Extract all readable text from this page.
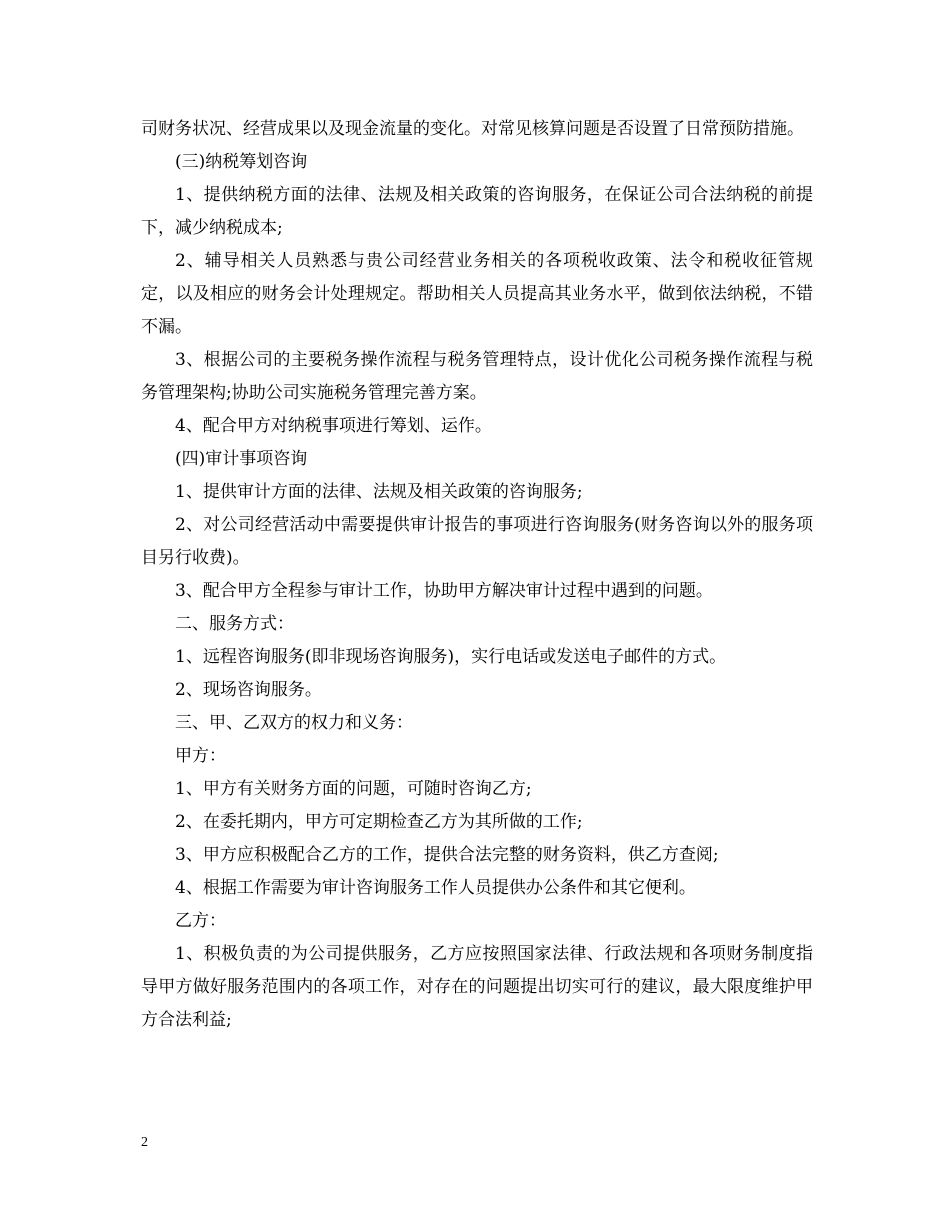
司财务状况、经营成果以及现金流量的变化。对常见核算问题是否设置了日常预防措施。

(三)纳税筹划咨询

1、提供纳税方面的法律、法规及相关政策的咨询服务，在保证公司合法纳税的前提下，减少纳税成本;

2、辅导相关人员熟悉与贵公司经营业务相关的各项税收政策、法令和税收征管规定，以及相应的财务会计处理规定。帮助相关人员提高其业务水平，做到依法纳税，不错不漏。

3、根据公司的主要税务操作流程与税务管理特点，设计优化公司税务操作流程与税务管理架构;协助公司实施税务管理完善方案。

4、配合甲方对纳税事项进行筹划、运作。

(四)审计事项咨询

1、提供审计方面的法律、法规及相关政策的咨询服务;

2、对公司经营活动中需要提供审计报告的事项进行咨询服务(财务咨询以外的服务项目另行收费)。

3、配合甲方全程参与审计工作，协助甲方解决审计过程中遇到的问题。

二、服务方式：

1、远程咨询服务(即非现场咨询服务)，实行电话或发送电子邮件的方式。

2、现场咨询服务。

三、甲、乙双方的权力和义务：

甲方：

1、甲方有关财务方面的问题，可随时咨询乙方;

2、在委托期内，甲方可定期检查乙方为其所做的工作;

3、甲方应积极配合乙方的工作，提供合法完整的财务资料，供乙方查阅;

4、根据工作需要为审计咨询服务工作人员提供办公条件和其它便利。

乙方：

1、积极负责的为公司提供服务，乙方应按照国家法律、行政法规和各项财务制度指导甲方做好服务范围内的各项工作，对存在的问题提出切实可行的建议，最大限度维护甲方合法利益;

2
